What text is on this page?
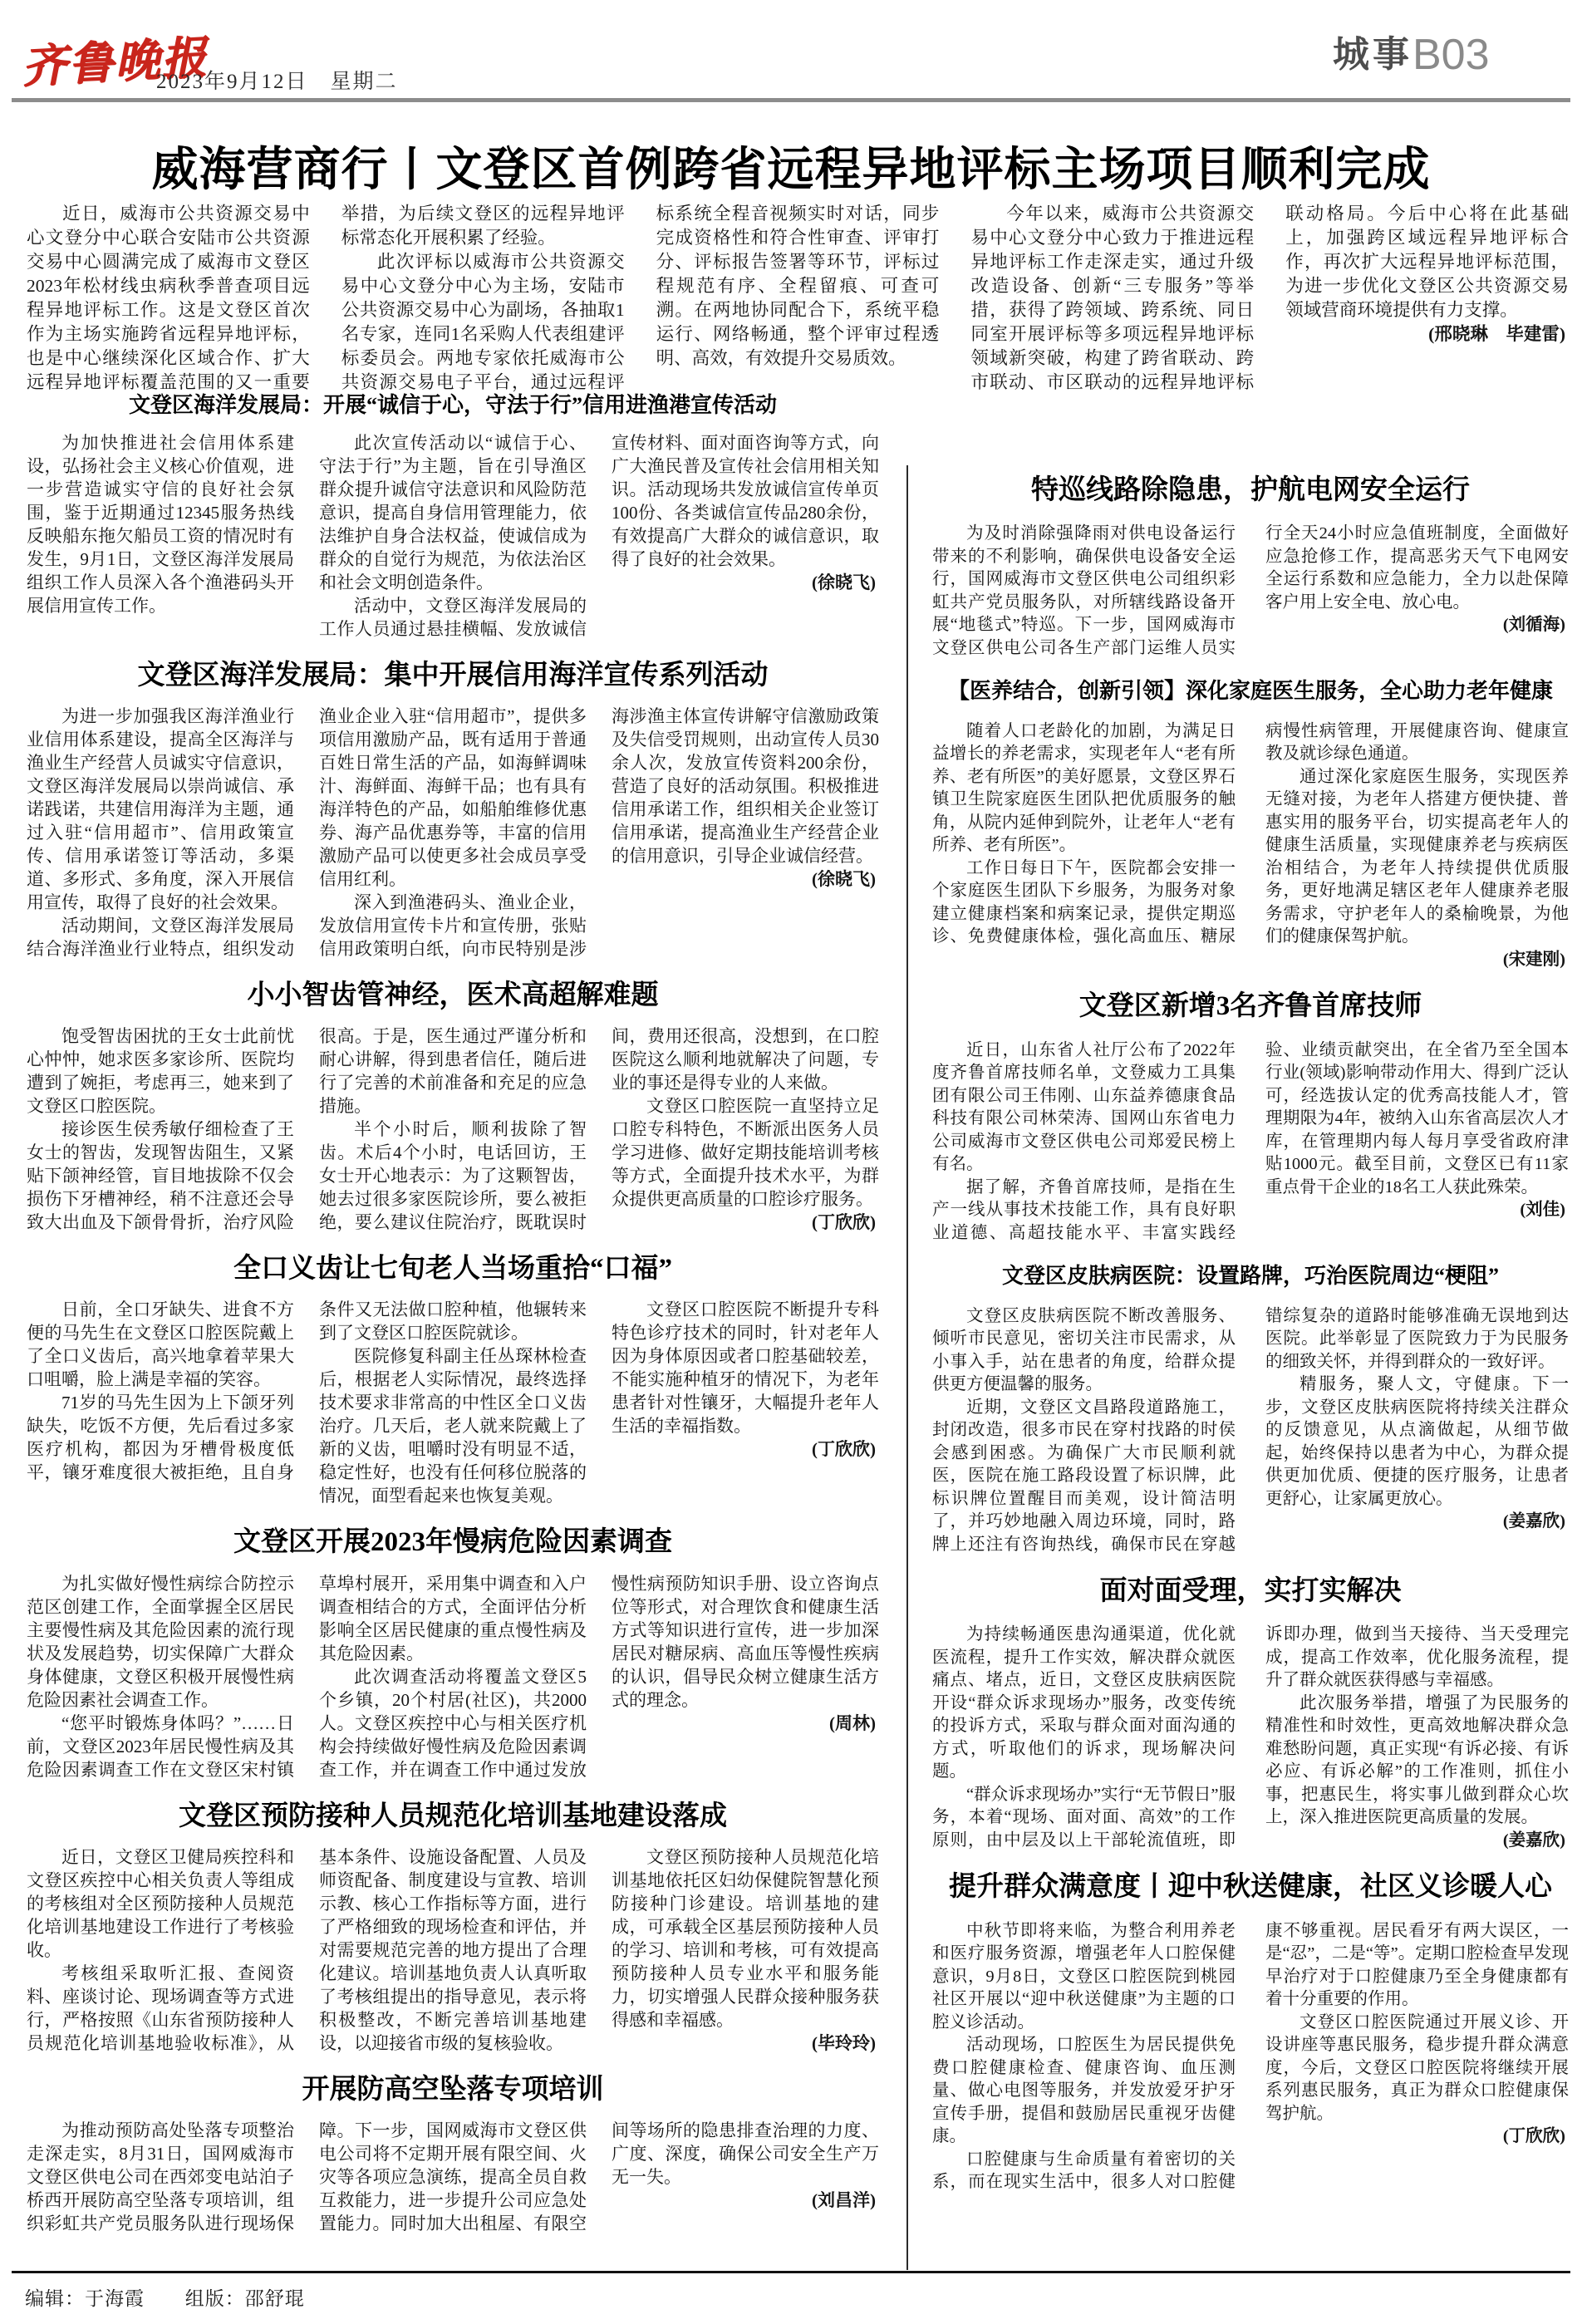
齐鲁晚报
2023年9月12日　星期二
城事 B03
威海营商行丨文登区首例跨省远程异地评标主场项目顺利完成

近日，威海市公共资源交易中心文登分中心联合安陆市公共资源交易中心圆满完成了威海市文登区2023年松材线虫病秋季普查项目远程异地评标工作。这是文登区首次作为主场实施跨省远程异地评标，也是中心继续深化区域合作、扩大远程异地评标覆盖范围的又一重要举措，为后续文登区的远程异地评标常态化开展积累了经验。

此次评标以威海市公共资源交易中心文登分中心为主场，安陆市公共资源交易中心为副场，各抽取1名专家，连同1名采购人代表组建评标委员会。两地专家依托威海市公共资源交易电子平台，通过远程评标系统全程音视频实时对话，同步完成资格性和符合性审查、评审打分、评标报告签署等环节，评标过程规范有序、全程留痕、可查可溯。在两地协同配合下，系统平稳运行、网络畅通，整个评审过程透明、高效，有效提升交易质效。

今年以来，威海市公共资源交易中心文登分中心致力于推进远程异地评标工作走深走实，通过升级改造设备、创新“三专服务”等举措，获得了跨领域、跨系统、同日同室开展评标等多项远程异地评标领域新突破，构建了跨省联动、跨市联动、市区联动的远程异地评标联动格局。今后中心将在此基础上，加强跨区域远程异地评标合作，再次扩大远程异地评标范围，为进一步优化文登区公共资源交易领域营商环境提供有力支撑。

(邢晓琳　毕建雷)
文登区海洋发展局：开展“诚信于心，守法于行”信用进渔港宣传活动

为加快推进社会信用体系建设，弘扬社会主义核心价值观，进一步营造诚实守信的良好社会氛围，鉴于近期通过12345服务热线反映船东拖欠船员工资的情况时有发生，9月1日，文登区海洋发展局组织工作人员深入各个渔港码头开展信用宣传工作。

此次宣传活动以“诚信于心、守法于行”为主题，旨在引导渔区群众提升诚信守法意识和风险防范意识，提高自身信用管理能力，依法维护自身合法权益，使诚信成为群众的自觉行为规范，为依法治区和社会文明创造条件。

活动中，文登区海洋发展局的工作人员通过悬挂横幅、发放诚信宣传材料、面对面咨询等方式，向广大渔民普及宣传社会信用相关知识。活动现场共发放诚信宣传单页100份、各类诚信宣传品280余份，有效提高广大群众的诚信意识，取得了良好的社会效果。

(徐晓飞)
文登区海洋发展局：集中开展信用海洋宣传系列活动

为进一步加强我区海洋渔业行业信用体系建设，提高全区海洋与渔业生产经营人员诚实守信意识，文登区海洋发展局以崇尚诚信、承诺践诺，共建信用海洋为主题，通过入驻“信用超市”、信用政策宣传、信用承诺签订等活动，多渠道、多形式、多角度，深入开展信用宣传，取得了良好的社会效果。

活动期间，文登区海洋发展局结合海洋渔业行业特点，组织发动渔业企业入驻“信用超市”，提供多项信用激励产品，既有适用于普通百姓日常生活的产品，如海鲜调味汁、海鲜面、海鲜干品；也有具有海洋特色的产品，如船舶维修优惠券、海产品优惠券等，丰富的信用激励产品可以使更多社会成员享受信用红利。

深入到渔港码头、渔业企业，发放信用宣传卡片和宣传册，张贴信用政策明白纸，向市民特别是涉海涉渔主体宣传讲解守信激励政策及失信受罚规则，出动宣传人员30余人次，发放宣传资料200余份，营造了良好的活动氛围。积极推进信用承诺工作，组织相关企业签订信用承诺，提高渔业生产经营企业的信用意识，引导企业诚信经营。

(徐晓飞)
小小智齿管神经，医术高超解难题

饱受智齿困扰的王女士此前忧心忡忡，她求医多家诊所、医院均遭到了婉拒，考虑再三，她来到了文登区口腔医院。

接诊医生侯秀敏仔细检查了王女士的智齿，发现智齿阻生，又紧贴下颌神经管，盲目地拔除不仅会损伤下牙槽神经，稍不注意还会导致大出血及下颌骨骨折，治疗风险很高。于是，医生通过严谨分析和耐心讲解，得到患者信任，随后进行了完善的术前准备和充足的应急措施。

半个小时后，顺利拔除了智齿。术后4个小时，电话回访，王女士开心地表示：为了这颗智齿，她去过很多家医院诊所，要么被拒绝，要么建议住院治疗，既耽误时间，费用还很高，没想到，在口腔医院这么顺利地就解决了问题，专业的事还是得专业的人来做。

文登区口腔医院一直坚持立足口腔专科特色，不断派出医务人员学习进修、做好定期技能培训考核等方式，全面提升技术水平，为群众提供更高质量的口腔诊疗服务。

(丁欣欣)
全口义齿让七旬老人当场重拾“口福”

日前，全口牙缺失、进食不方便的马先生在文登区口腔医院戴上了全口义齿后，高兴地拿着苹果大口咀嚼，脸上满是幸福的笑容。

71岁的马先生因为上下颌牙列缺失，吃饭不方便，先后看过多家医疗机构，都因为牙槽骨极度低平，镶牙难度很大被拒绝，且自身条件又无法做口腔种植，他辗转来到了文登区口腔医院就诊。

医院修复科副主任丛琛林检查后，根据老人实际情况，最终选择技术要求非常高的中性区全口义齿治疗。几天后，老人就来院戴上了新的义齿，咀嚼时没有明显不适，稳定性好，也没有任何移位脱落的情况，面型看起来也恢复美观。

文登区口腔医院不断提升专科特色诊疗技术的同时，针对老年人因为身体原因或者口腔基础较差，不能实施种植牙的情况下，为老年患者针对性镶牙，大幅提升老年人生活的幸福指数。

(丁欣欣)
文登区开展2023年慢病危险因素调查

为扎实做好慢性病综合防控示范区创建工作，全面掌握全区居民主要慢性病及其危险因素的流行现状及发展趋势，切实保障广大群众身体健康，文登区积极开展慢性病危险因素社会调查工作。

“您平时锻炼身体吗？”……日前，文登区2023年居民慢性病及其危险因素调查工作在文登区宋村镇草埠村展开，采用集中调查和入户调查相结合的方式，全面评估分析影响全区居民健康的重点慢性病及其危险因素。

此次调查活动将覆盖文登区5个乡镇，20个村居(社区)，共2000人。文登区疾控中心与相关医疗机构会持续做好慢性病及危险因素调查工作，并在调查工作中通过发放慢性病预防知识手册、设立咨询点位等形式，对合理饮食和健康生活方式等知识进行宣传，进一步加深居民对糖尿病、高血压等慢性疾病的认识，倡导民众树立健康生活方式的理念。

(周林)
文登区预防接种人员规范化培训基地建设落成

近日，文登区卫健局疾控科和文登区疾控中心相关负责人等组成的考核组对全区预防接种人员规范化培训基地建设工作进行了考核验收。

考核组采取听汇报、查阅资料、座谈讨论、现场调查等方式进行，严格按照《山东省预防接种人员规范化培训基地验收标准》，从基本条件、设施设备配置、人员及师资配备、制度建设与宣教、培训示教、核心工作指标等方面，进行了严格细致的现场检查和评估，并对需要规范完善的地方提出了合理化建议。培训基地负责人认真听取了考核组提出的指导意见，表示将积极整改，不断完善培训基地建设，以迎接省市级的复核验收。

文登区预防接种人员规范化培训基地依托区妇幼保健院智慧化预防接种门诊建设。培训基地的建成，可承载全区基层预防接种人员的学习、培训和考核，可有效提高预防接种人员专业水平和服务能力，切实增强人民群众接种服务获得感和幸福感。

(毕玲玲)
开展防高空坠落专项培训

为推动预防高处坠落专项整治走深走实，8月31日，国网威海市文登区供电公司在西郊变电站泊子桥西开展防高空坠落专项培训，组织彩虹共产党员服务队进行现场保障。下一步，国网威海市文登区供电公司将不定期开展有限空间、火灾等各项应急演练，提高全员自救互救能力，进一步提升公司应急处置能力。同时加大出租屋、有限空间等场所的隐患排查治理的力度、广度、深度，确保公司安全生产万无一失。

(刘昌洋)
特巡线路除隐患，护航电网安全运行

为及时消除强降雨对供电设备运行带来的不利影响，确保供电设备安全运行，国网威海市文登区供电公司组织彩虹共产党员服务队，对所辖线路设备开展“地毯式”特巡。下一步，国网威海市文登区供电公司各生产部门运维人员实行全天24小时应急值班制度，全面做好应急抢修工作，提高恶劣天气下电网安全运行系数和应急能力，全力以赴保障客户用上安全电、放心电。

(刘循海)
【医养结合，创新引领】深化家庭医生服务，全心助力老年健康

随着人口老龄化的加剧，为满足日益增长的养老需求，实现老年人“老有所养、老有所医”的美好愿景，文登区界石镇卫生院家庭医生团队把优质服务的触角，从院内延伸到院外，让老年人“老有所养、老有所医”。

工作日每日下午，医院都会安排一个家庭医生团队下乡服务，为服务对象建立健康档案和病案记录，提供定期巡诊、免费健康体检，强化高血压、糖尿病慢性病管理，开展健康咨询、健康宣教及就诊绿色通道。

通过深化家庭医生服务，实现医养无缝对接，为老年人搭建方便快捷、普惠实用的服务平台，切实提高老年人的健康生活质量，实现健康养老与疾病医治相结合，为老年人持续提供优质服务，更好地满足辖区老年人健康养老服务需求，守护老年人的桑榆晚景，为他们的健康保驾护航。

(宋建刚)
文登区新增3名齐鲁首席技师

近日，山东省人社厅公布了2022年度齐鲁首席技师名单，文登威力工具集团有限公司王伟刚、山东益养德康食品科技有限公司林荣涛、国网山东省电力公司威海市文登区供电公司郑爱民榜上有名。

据了解，齐鲁首席技师，是指在生产一线从事技术技能工作，具有良好职业道德、高超技能水平、丰富实践经验、业绩贡献突出，在全省乃至全国本行业(领域)影响带动作用大、得到广泛认可，经选拔认定的优秀高技能人才，管理期限为4年，被纳入山东省高层次人才库，在管理期内每人每月享受省政府津贴1000元。截至目前，文登区已有11家重点骨干企业的18名工人获此殊荣。

(刘佳)
文登区皮肤病医院：设置路牌，巧治医院周边“梗阻”

文登区皮肤病医院不断改善服务、倾听市民意见，密切关注市民需求，从小事入手，站在患者的角度，给群众提供更方便温馨的服务。

近期，文登区文昌路段道路施工，封闭改造，很多市民在穿村找路的时侯会感到困惑。为确保广大市民顺利就医，医院在施工路段设置了标识牌，此标识牌位置醒目而美观，设计简洁明了，并巧妙地融入周边环境，同时，路牌上还注有咨询热线，确保市民在穿越错综复杂的道路时能够准确无误地到达医院。此举彰显了医院致力于为民服务的细致关怀，并得到群众的一致好评。

精服务，聚人文，守健康。下一步，文登区皮肤病医院将持续关注群众的反馈意见，从点滴做起，从细节做起，始终保持以患者为中心，为群众提供更加优质、便捷的医疗服务，让患者更舒心，让家属更放心。

(姜嘉欣)
面对面受理，实打实解决

为持续畅通医患沟通渠道，优化就医流程，提升工作实效，解决群众就医痛点、堵点，近日，文登区皮肤病医院开设“群众诉求现场办”服务，改变传统的投诉方式，采取与群众面对面沟通的方式，听取他们的诉求，现场解决问题。

“群众诉求现场办”实行“无节假日”服务，本着“现场、面对面、高效”的工作原则，由中层及以上干部轮流值班，即诉即办理，做到当天接待、当天受理完成，提高工作效率，优化服务流程，提升了群众就医获得感与幸福感。

此次服务举措，增强了为民服务的精准性和时效性，更高效地解决群众急难愁盼问题，真正实现“有诉必接、有诉必应、有诉必解”的工作准则，抓住小事，把惠民生，将实事儿做到群众心坎上，深入推进医院更高质量的发展。

(姜嘉欣)
提升群众满意度丨迎中秋送健康，社区义诊暖人心

中秋节即将来临，为整合利用养老和医疗服务资源，增强老年人口腔保健意识，9月8日，文登区口腔医院到桃园社区开展以“迎中秋送健康”为主题的口腔义诊活动。

活动现场，口腔医生为居民提供免费口腔健康检查、健康咨询、血压测量、做心电图等服务，并发放爱牙护牙宣传手册，提倡和鼓励居民重视牙齿健康。

口腔健康与生命质量有着密切的关系，而在现实生活中，很多人对口腔健康不够重视。居民看牙有两大误区，一是“忍”，二是“等”。定期口腔检查早发现早治疗对于口腔健康乃至全身健康都有着十分重要的作用。

文登区口腔医院通过开展义诊、开设讲座等惠民服务，稳步提升群众满意度，今后，文登区口腔医院将继续开展系列惠民服务，真正为群众口腔健康保驾护航。

(丁欣欣)
编辑：于海霞 组版：邵舒琨
